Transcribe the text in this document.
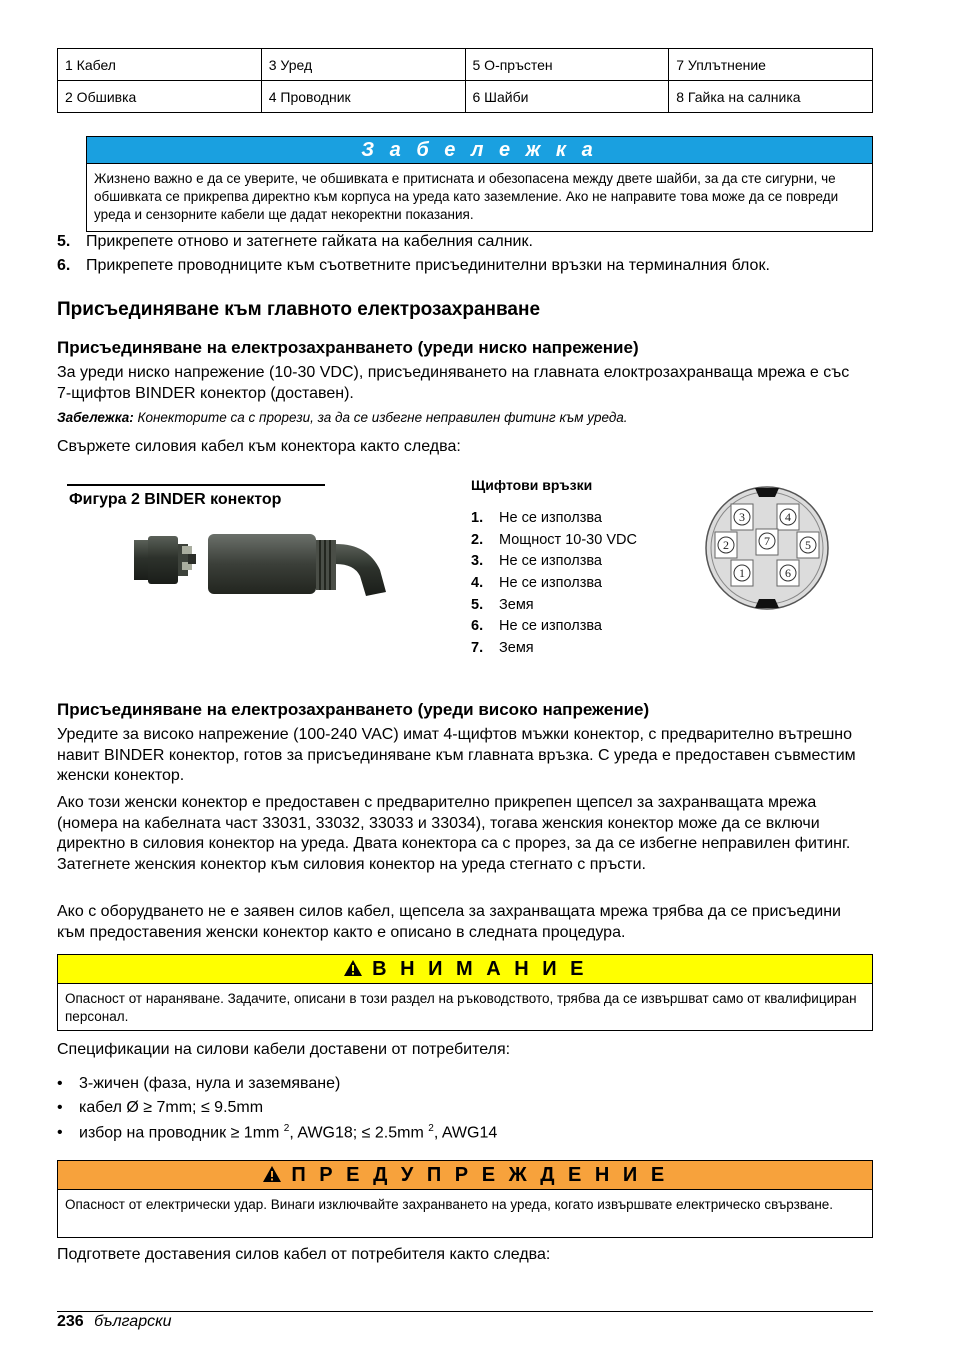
1 Кабел	3 Уред	5 О-пръстен	7 Уплътнение
2 Обшивка	4 Проводник	6 Шайби	8 Гайка на салника
З а б е л е ж к а
Жизнено важно е да се уверите, че обшивката е притисната и обезопасена между двете шайби, за да сте сигурни, че обшивката се прикрепва директно към корпуса на уреда като заземление. Ако не направите това може да се повреди уреда и сензорните кабели ще дадат некоректни показания.
5. Прикрепете отново и затегнете гайката на кабелния салник.
6. Прикрепете проводниците към съответните присъединителни връзки на терминалния блок.
Присъединяване към главното електрозахранване
Присъединяване на електрозахранването (уреди ниско напрежение)
За уреди ниско напрежение (10-30 VDC), присъединяването на главната елоктрозахранваща мрежа е със 7-щифтов BINDER конектор (доставен).
Забележка: Конекторите са с прорези, за да се избегне неправилен фитинг към уреда.
Свържете силовия кабел към конектора както следва:
Фигура 2 BINDER конектор
Щифтови връзки
1. Не се използва
2. Мощност 10-30 VDC
3. Не се използва
4. Не се използва
5. Земя
6. Не се използва
7. Земя
3	4
2	7	5
1	6
Присъединяване на електрозахранването (уреди високо напрежение)
Уредите за високо напрежение (100-240 VAC) имат 4-щифтов мъжки конектор, с предварително вътрешно навит BINDER конектор, готов за присъединяване към главната връзка. С уреда е предоставен съвместим женски конектор.
Ако този женски конектор е предоставен с предварително прикрепен щепсел за захранващата мрежа (номера на кабелната част 33031, 33032, 33033 и 33034), тогава женския конектор може да се включи директно в силовия конектор на уреда. Двата конектора са с прорез, за да се избегне неправилен фитинг. Затегнете женския конектор към силовия конектор на уреда стегнато с пръсти.
Ако с оборудването не е заявен силов кабел, щепсела за захранващата мрежа трябва да се присъедини към предоставения женски конектор както е описано в следната процедура.
В Н И М А Н И Е
Опасност от нараняване. Задачите, описани в този раздел на ръководството, трябва да се извършват само от квалифициран персонал.
Спецификации на силови кабели доставени от потребителя:
• 3-жичен (фаза, нула и заземяване)
• кабел Ø ≥ 7mm; ≤ 9.5mm
• избор на проводник ≥ 1mm $^2$, AWG18; ≤ 2.5mm $^2$, AWG14
П Р Е Д У П Р Е Ж Д Е Н И Е
Опасност от електрически удар. Винаги изключвайте захранването на уреда, когато извършвате електрическо свързване.
Подгответе доставения силов кабел от потребителя както следва:
236 български
